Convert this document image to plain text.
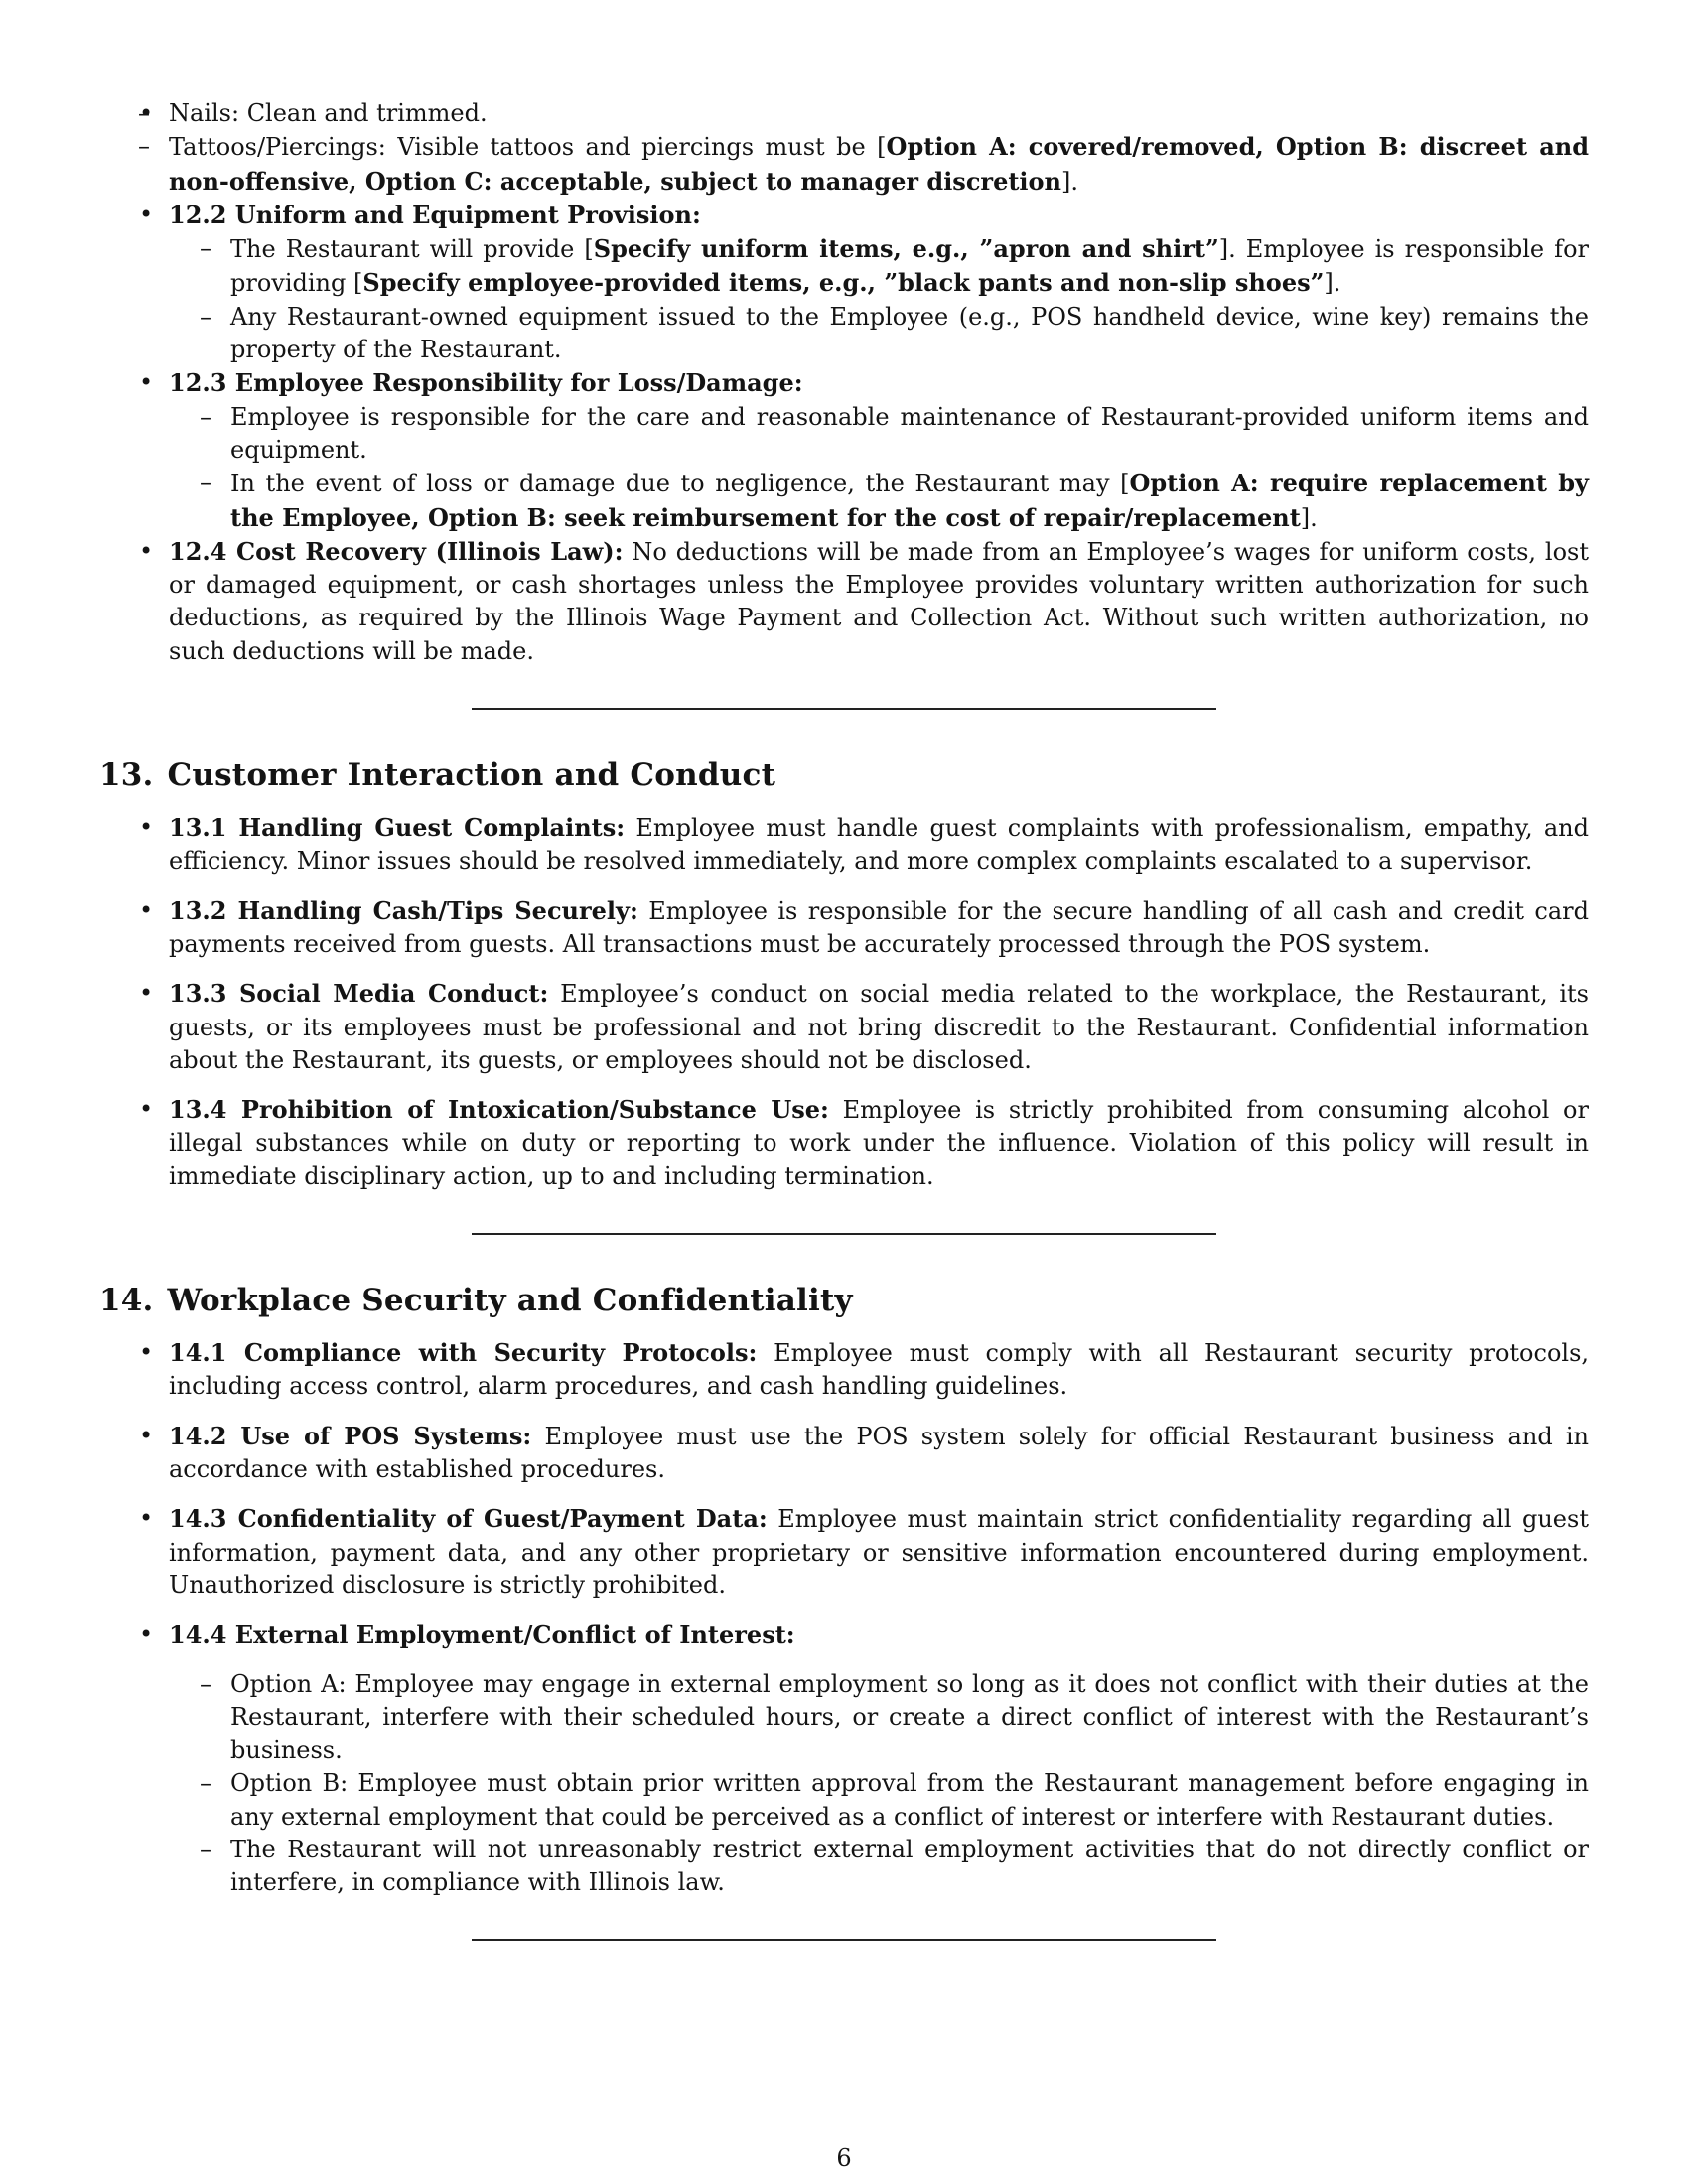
– • Nails: Clean and trimmed.
– Tattoos/Piercings: Visible tattoos and piercings must be [Option A: covered/removed, Option B: discreet and non-offensive, Option C: acceptable, subject to manager discretion].
• 12.2 Uniform and Equipment Provision:
– The Restaurant will provide [Specify uniform items, e.g., ”apron and shirt”]. Employee is responsible for providing [Specify employee-provided items, e.g., ”black pants and non-slip shoes”].
– Any Restaurant-owned equipment issued to the Employee (e.g., POS handheld device, wine key) remains the property of the Restaurant.
• 12.3 Employee Responsibility for Loss/Damage:
– Employee is responsible for the care and reasonable maintenance of Restaurant-provided uniform items and equipment.
– In the event of loss or damage due to negligence, the Restaurant may [Option A: require replacement by the Employee, Option B: seek reimbursement for the cost of repair/replacement].
• 12.4 Cost Recovery (Illinois Law): No deductions will be made from an Employee’s wages for uniform costs, lost or damaged equipment, or cash shortages unless the Employee provides voluntary written authorization for such deductions, as required by the Illinois Wage Payment and Collection Act. Without such written authorization, no such deductions will be made.
13. Customer Interaction and Conduct
• 13.1 Handling Guest Complaints: Employee must handle guest complaints with professionalism, empathy, and efficiency. Minor issues should be resolved immediately, and more complex complaints escalated to a supervisor.
• 13.2 Handling Cash/Tips Securely: Employee is responsible for the secure handling of all cash and credit card payments received from guests. All transactions must be accurately processed through the POS system.
• 13.3 Social Media Conduct: Employee’s conduct on social media related to the workplace, the Restaurant, its guests, or its employees must be professional and not bring discredit to the Restaurant. Confidential information about the Restaurant, its guests, or employees should not be disclosed.
• 13.4 Prohibition of Intoxication/Substance Use: Employee is strictly prohibited from consuming alcohol or illegal substances while on duty or reporting to work under the influence. Violation of this policy will result in immediate disciplinary action, up to and including termination.
14. Workplace Security and Confidentiality
• 14.1 Compliance with Security Protocols: Employee must comply with all Restaurant security protocols, including access control, alarm procedures, and cash handling guidelines.
• 14.2 Use of POS Systems: Employee must use the POS system solely for official Restaurant business and in accordance with established procedures.
• 14.3 Confidentiality of Guest/Payment Data: Employee must maintain strict confidentiality regarding all guest information, payment data, and any other proprietary or sensitive information encountered during employment. Unauthorized disclosure is strictly prohibited.
• 14.4 External Employment/Conflict of Interest:
– Option A: Employee may engage in external employment so long as it does not conflict with their duties at the Restaurant, interfere with their scheduled hours, or create a direct conflict of interest with the Restaurant’s business.
– Option B: Employee must obtain prior written approval from the Restaurant management before engaging in any external employment that could be perceived as a conflict of interest or interfere with Restaurant duties.
– The Restaurant will not unreasonably restrict external employment activities that do not directly conflict or interfere, in compliance with Illinois law.
6
